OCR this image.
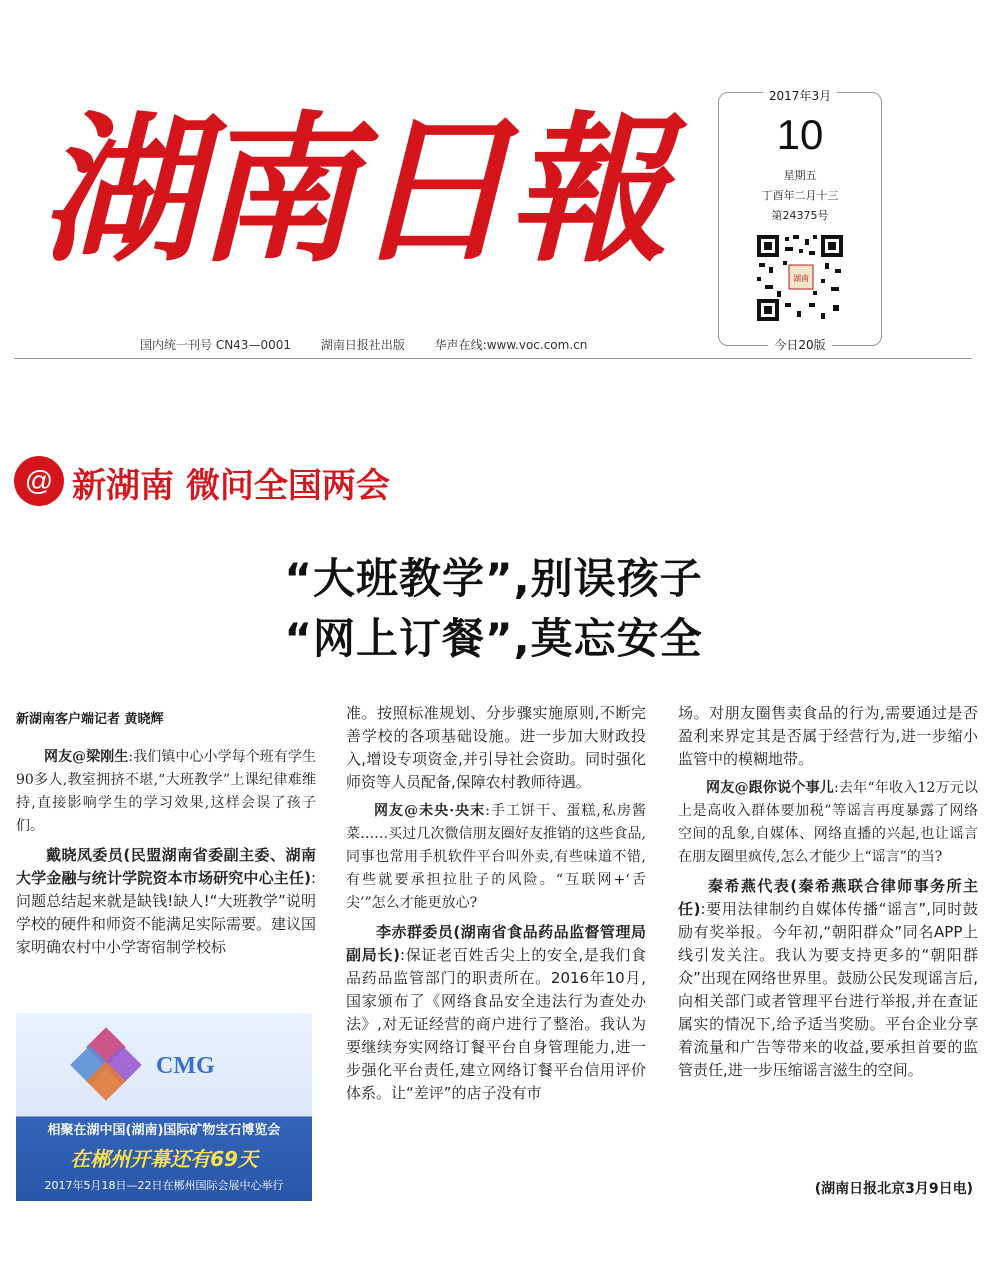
湖南日報
国内统一刊号 CN43—0001 湖南日报社出版 华声在线:www.voc.com.cn
2017年3月
10
星期五
丁酉年二月十三
第24375号
湖南
今日20版
@ 新湖南 微问全国两会
“大班教学”,别误孩子
“网上订餐”,莫忘安全
新湖南客户端记者 黄晓辉

网友@梁刚生:我们镇中心小学每个班有学生90多人,教室拥挤不堪,“大班教学”上课纪律难维持,直接影响学生的学习效果,这样会误了孩子们。

戴晓凤委员(民盟湖南省委副主委、湖南大学金融与统计学院资本市场研究中心主任):问题总结起来就是缺钱!缺人!“大班教学”说明学校的硬件和师资不能满足实际需要。建议国家明确农村中小学寄宿制学校标

CMG
相聚在湖中国(湖南)国际矿物宝石博览会
在郴州开幕还有69天
2017年5月18日—22日在郴州国际会展中心举行

准。按照标准规划、分步骤实施原则,不断完善学校的各项基础设施。进一步加大财政投入,增设专项资金,并引导社会资助。同时强化师资等人员配备,保障农村教师待遇。

网友@未央·央末:手工饼干、蛋糕,私房酱菜……买过几次微信朋友圈好友推销的这些食品,同事也常用手机软件平台叫外卖,有些味道不错,有些就要承担拉肚子的风险。“互联网+‘舌尖’”怎么才能更放心?

李赤群委员(湖南省食品药品监督管理局副局长):保证老百姓舌尖上的安全,是我们食品药品监管部门的职责所在。2016年10月,国家颁布了《网络食品安全违法行为查处办法》,对无证经营的商户进行了整治。我认为要继续夯实网络订餐平台自身管理能力,进一步强化平台责任,建立网络订餐平台信用评价体系。让“差评”的店子没有市

场。对朋友圈售卖食品的行为,需要通过是否盈利来界定其是否属于经营行为,进一步缩小监管中的模糊地带。

网友@跟你说个事儿:去年“年收入12万元以上是高收入群体要加税”等谣言再度暴露了网络空间的乱象,自媒体、网络直播的兴起,也让谣言在朋友圈里疯传,怎么才能少上“谣言”的当?

秦希燕代表(秦希燕联合律师事务所主任):要用法律制约自媒体传播“谣言”,同时鼓励有奖举报。今年初,“朝阳群众”同名APP上线引发关注。我认为要支持更多的“朝阳群众”出现在网络世界里。鼓励公民发现谣言后,向相关部门或者管理平台进行举报,并在查证属实的情况下,给予适当奖励。平台企业分享着流量和广告等带来的收益,要承担首要的监管责任,进一步压缩谣言滋生的空间。

(湖南日报北京3月9日电)
